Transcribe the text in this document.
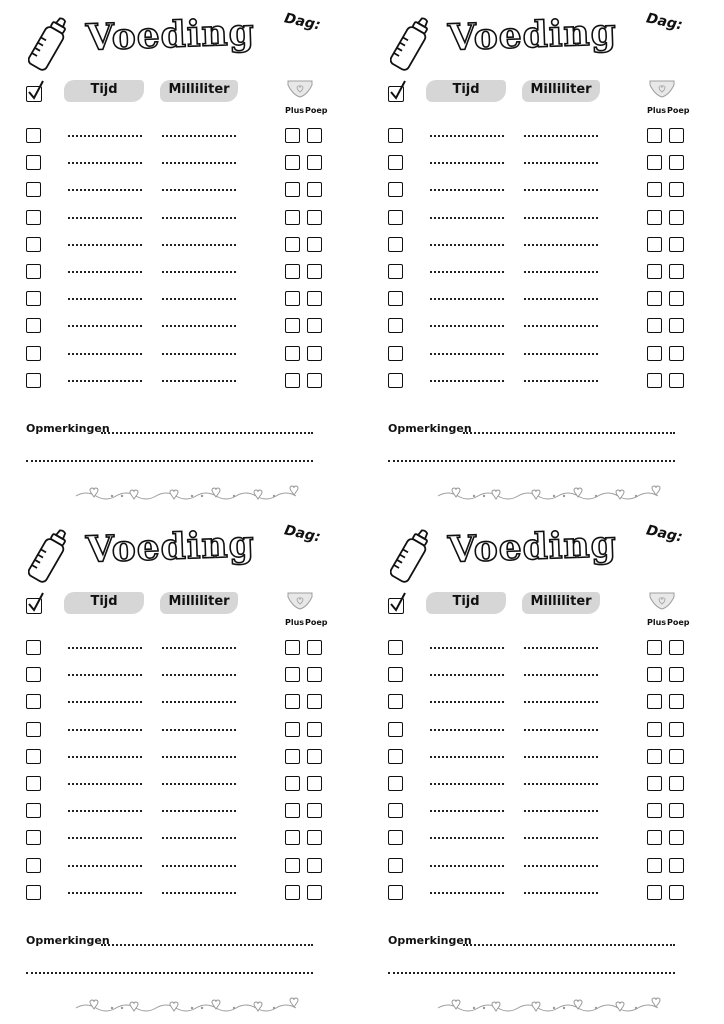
Voeding Dag:
Tijd	Milliliter
Plus Poep
Opmerkingen
Voeding Dag:
Tijd	Milliliter
Plus Poep
Opmerkingen
Voeding Dag:
Tijd	Milliliter
Plus Poep
Opmerkingen
Voeding Dag:
Tijd	Milliliter
Plus Poep
Opmerkingen
